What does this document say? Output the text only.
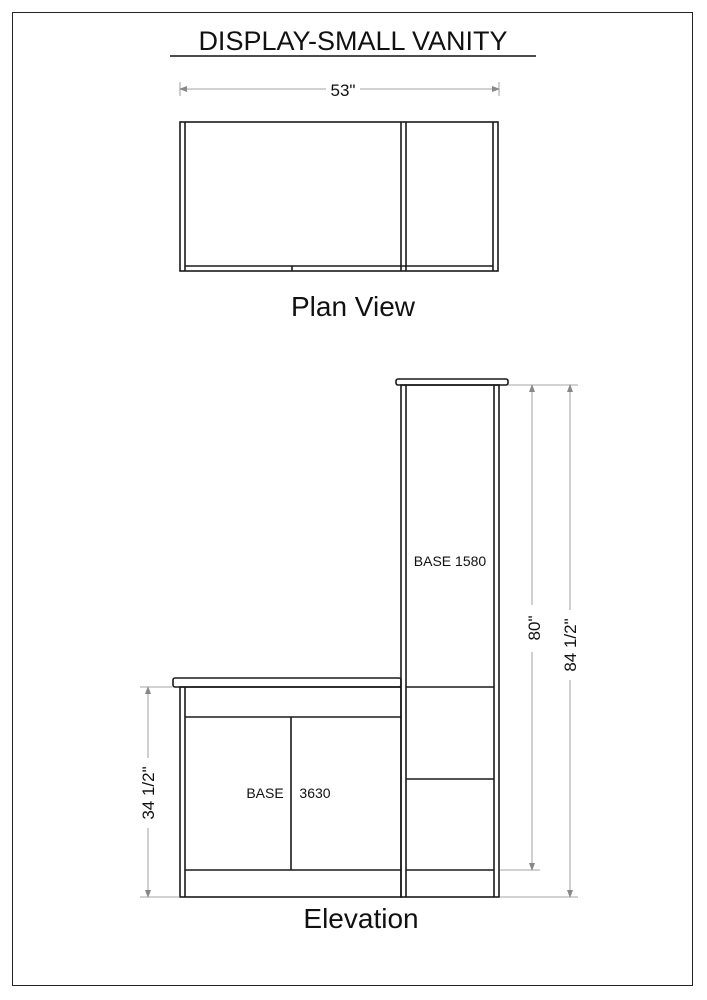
DISPLAY-SMALL VANITY
53"
Plan View
BASE 1580
BASE 3630
34 1/2"
80" 84 1/2"
Elevation
